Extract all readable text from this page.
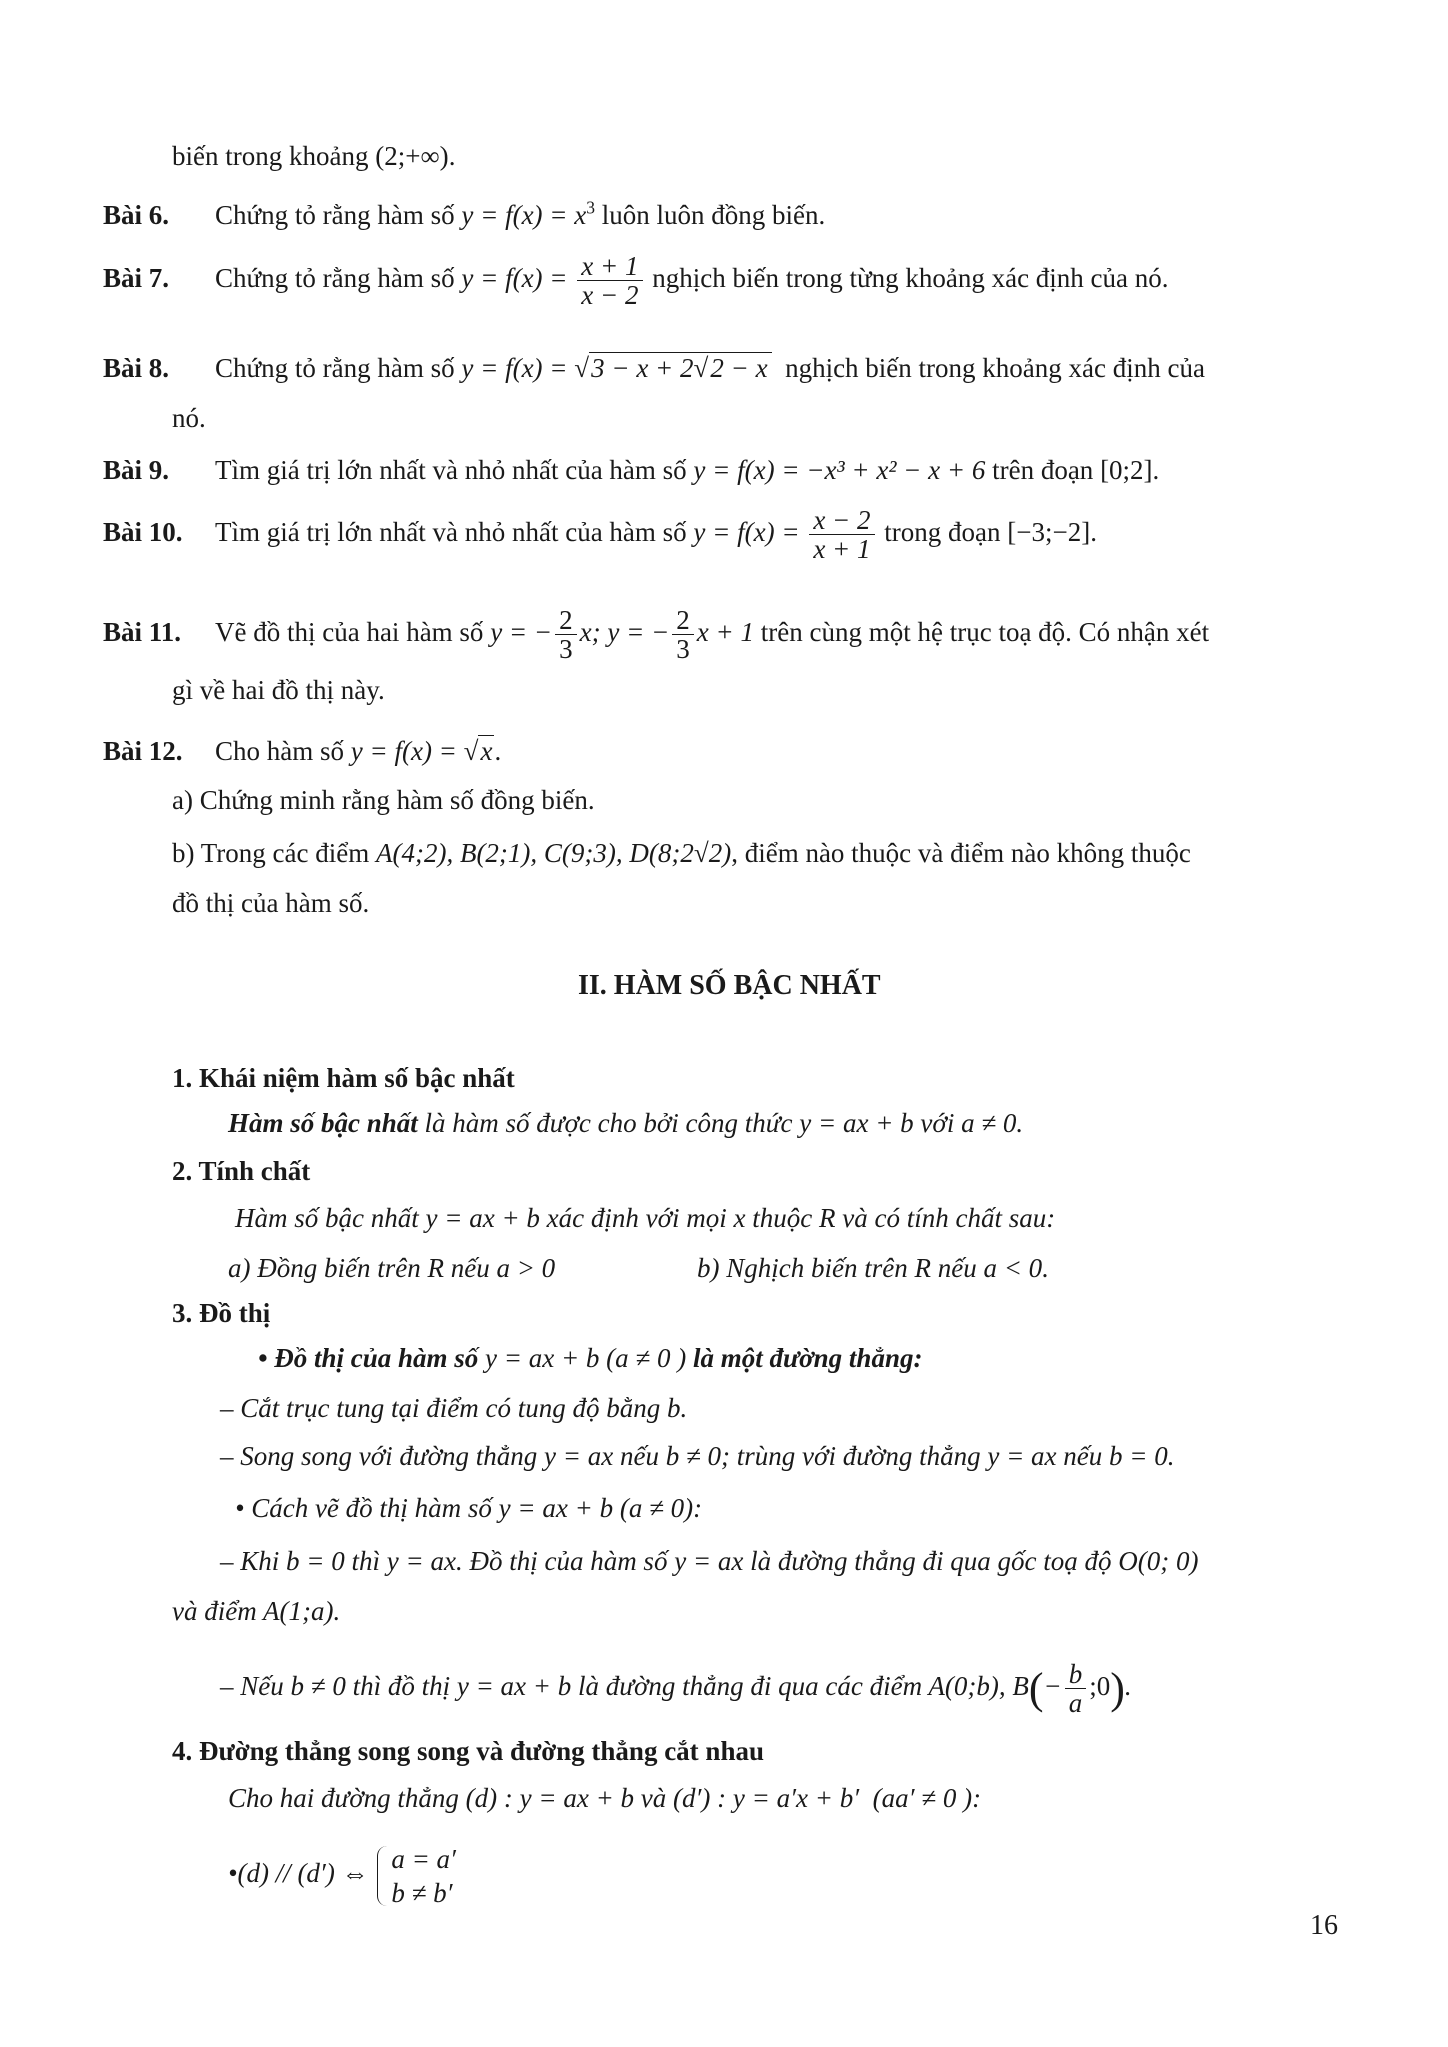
biến trong khoảng (2;+∞).
Bài 6. Chứng tỏ rằng hàm số $y = f(x) = x^3$ luôn luôn đồng biến.
Bài 7. Chứng tỏ rằng hàm số $y = f(x) = \frac{x + 1}{x - 2}$ nghịch biến trong từng khoảng xác định của nó.
Bài 8. Chứng tỏ rằng hàm số y = f(x) = √3 − x + 2√2 − x nghịch biến trong khoảng xác định của
nó.
Bài 9. Tìm giá trị lớn nhất và nhỏ nhất của hàm số y = f(x) = −x³ + x² − x + 6 trên đoạn [0;2].
Bài 10. Tìm giá trị lớn nhất và nhỏ nhất của hàm số $y = f(x) = \frac{x - 2}{x + 1}$ trong đoạn [−3;−2].
Bài 11. Vẽ đồ thị của hai hàm số y = − $\frac{2}{3} x$; y = − $\frac{2}{3}$ x + 1 trên cùng một hệ trục toạ độ. Có nhận xét
gì về hai đồ thị này.
Bài 12. Cho hàm số y = f(x) = √x.
a) Chứng minh rằng hàm số đồng biến.
b) Trong các điểm A(4;2), B(2;1), C(9;3), D(8;2√2), điểm nào thuộc và điểm nào không thuộc
đồ thị của hàm số.
II. HÀM SỐ BẬC NHẤT
1. Khái niệm hàm số bậc nhất
Hàm số bậc nhất là hàm số được cho bởi công thức y = ax + b với a ≠ 0.
2. Tính chất
Hàm số bậc nhất y = ax + b xác định với mọi x thuộc R và có tính chất sau:
a) Đồng biến trên R nếu a > 0	b) Nghịch biến trên R nếu a < 0.
3. Đồ thị
• Đồ thị của hàm số y = ax + b (a ≠ 0 ) là một đường thẳng:
– Cắt trục tung tại điểm có tung độ bằng b.
– Song song với đường thẳng y = ax nếu b ≠ 0; trùng với đường thẳng y = ax nếu b = 0.
• Cách vẽ đồ thị hàm số y = ax + b (a ≠ 0):
– Khi b = 0 thì y = ax. Đồ thị của hàm số y = ax là đường thẳng đi qua gốc toạ độ O(0; 0)
và điểm A(1;a).
– Nếu b ≠ 0 thì đồ thị y = ax + b là đường thẳng đi qua các điểm A(0;b), $B(- \frac{b}{a}$ ;0).
4. Đường thẳng song song và đường thẳng cắt nhau
Cho hai đường thẳng (d) : y = ax + b và (d′) : y = a′x + b′ (aa′ ≠ 0 ):
•(d) // (d′) ⇔ a = a′
b ≠ b′
16
